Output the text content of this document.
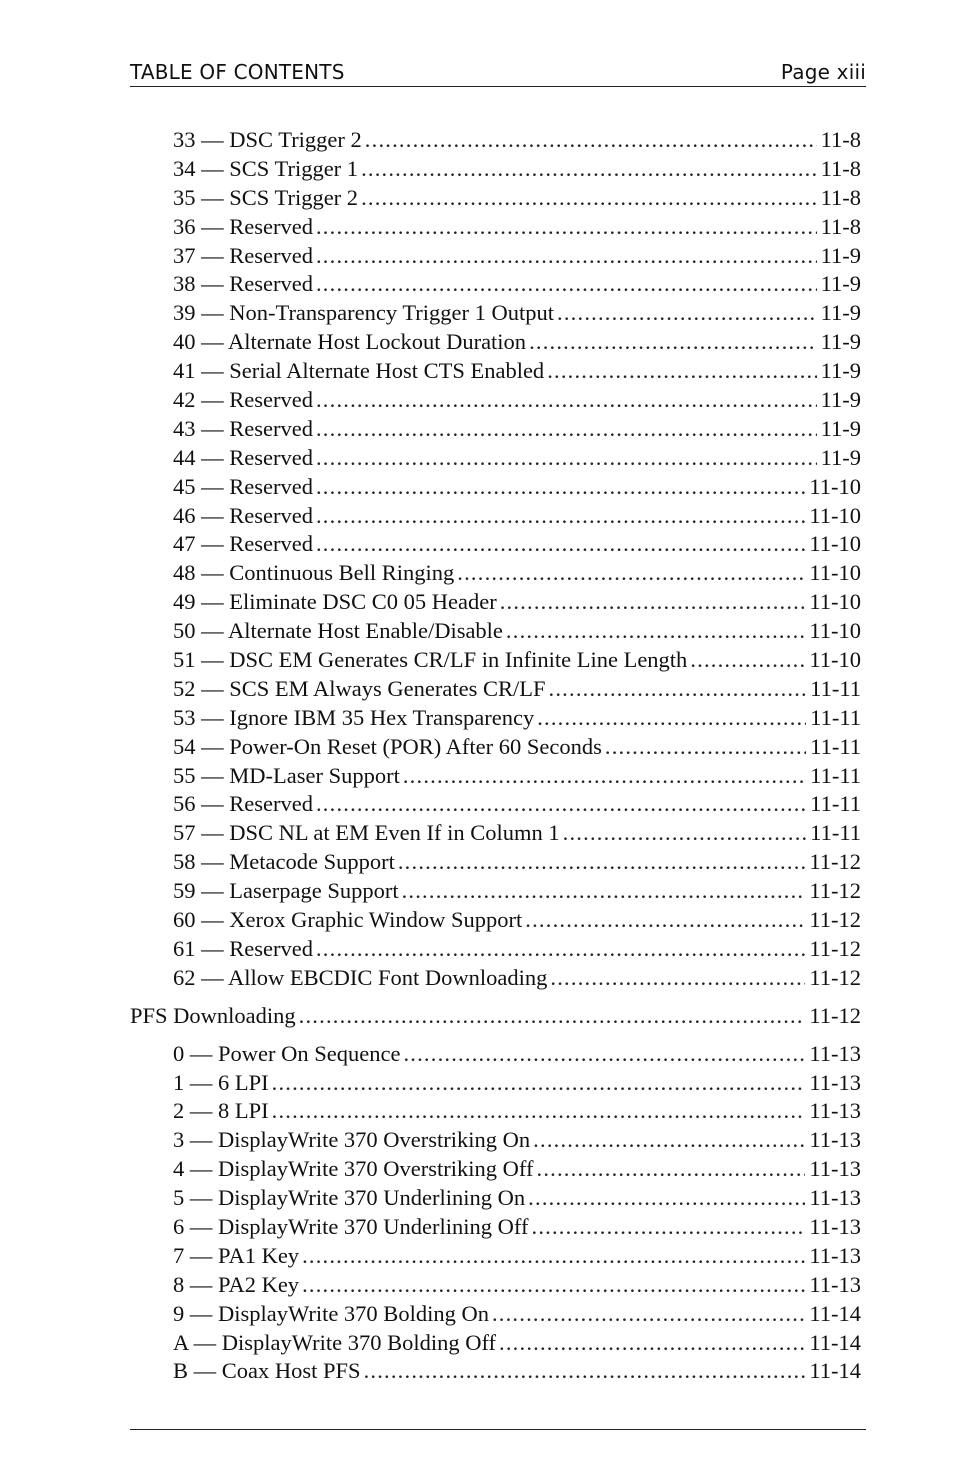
TABLE OF CONTENTS	Page xiii
33 — DSC Trigger 2 .....	11-8
34 — SCS Trigger 1 .....	11-8
35 — SCS Trigger 2 .....	11-8
36 — Reserved .....	11-8
37 — Reserved .....	11-9
38 — Reserved .....	11-9
39 — Non-Transparency Trigger 1 Output .....	11-9
40 — Alternate Host Lockout Duration .....	11-9
41 — Serial Alternate Host CTS Enabled .....	11-9
42 — Reserved .....	11-9
43 — Reserved .....	11-9
44 — Reserved .....	11-9
45 — Reserved .....	11-10
46 — Reserved .....	11-10
47 — Reserved .....	11-10
48 — Continuous Bell Ringing .....	11-10
49 — Eliminate DSC C0 05 Header .....	11-10
50 — Alternate Host Enable/Disable .....	11-10
51 — DSC EM Generates CR/LF in Infinite Line Length .....	11-10
52 — SCS EM Always Generates CR/LF .....	11-11
53 — Ignore IBM 35 Hex Transparency .....	11-11
54 — Power-On Reset (POR) After 60 Seconds .....	11-11
55 — MD-Laser Support .....	11-11
56 — Reserved .....	11-11
57 — DSC NL at EM Even If in Column 1 .....	11-11
58 — Metacode Support .....	11-12
59 — Laserpage Support .....	11-12
60 — Xerox Graphic Window Support .....	11-12
61 — Reserved .....	11-12
62 — Allow EBCDIC Font Downloading .....	11-12
PFS Downloading .....	11-12
0 — Power On Sequence .....	11-13
1 — 6 LPI .....	11-13
2 — 8 LPI .....	11-13
3 — DisplayWrite 370 Overstriking On .....	11-13
4 — DisplayWrite 370 Overstriking Off .....	11-13
5 — DisplayWrite 370 Underlining On .....	11-13
6 — DisplayWrite 370 Underlining Off .....	11-13
7 — PA1 Key .....	11-13
8 — PA2 Key .....	11-13
9 — DisplayWrite 370 Bolding On .....	11-14
A — DisplayWrite 370 Bolding Off .....	11-14
B — Coax Host PFS .....	11-14
